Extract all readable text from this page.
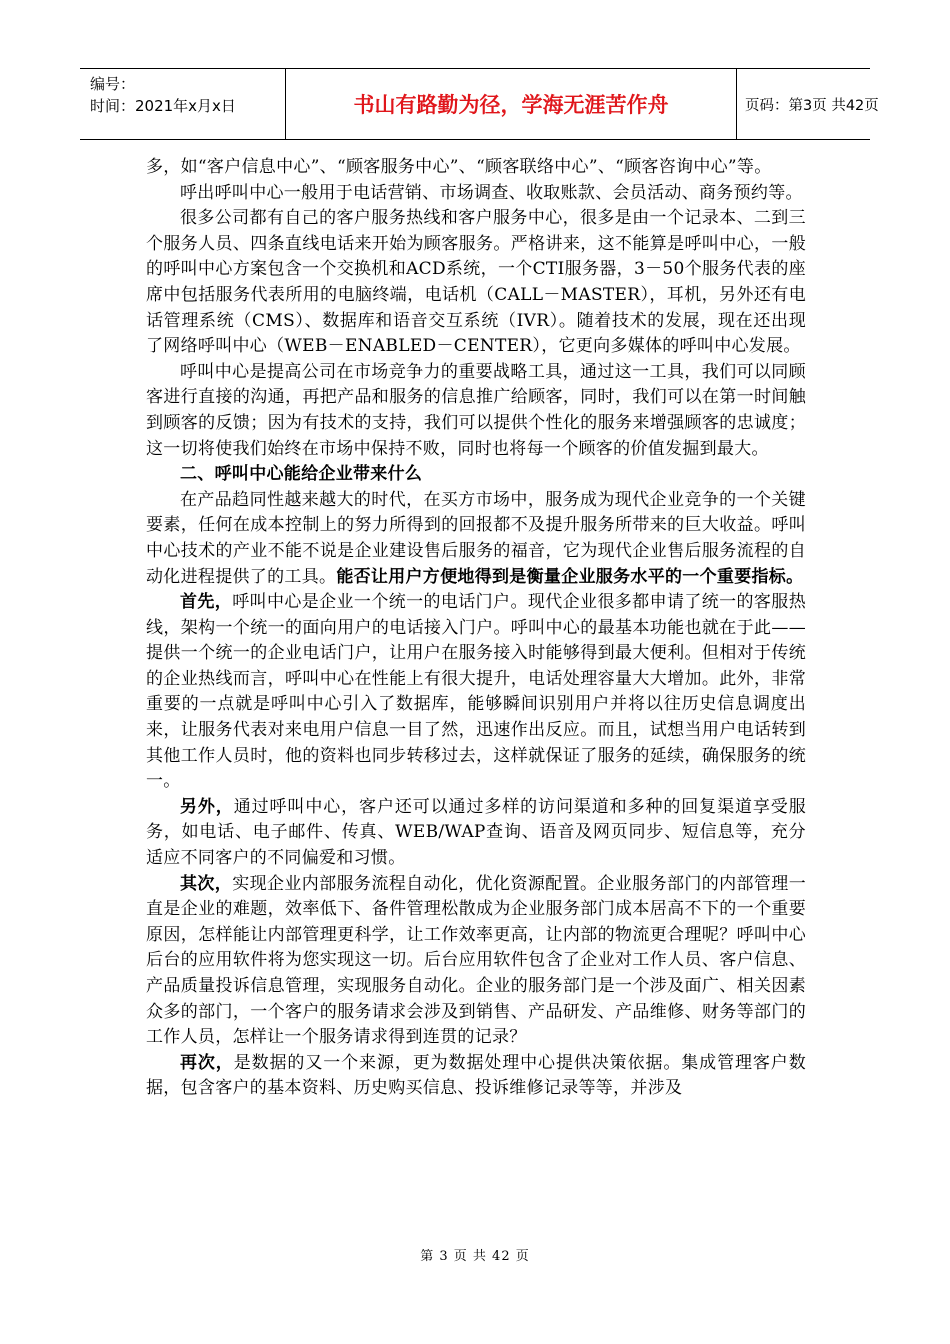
编号：
时间：2021年x月x日	书山有路勤为径，学海无涯苦作舟	页码：第3页 共42页

多，如“客户信息中心”、“顾客服务中心”、“顾客联络中心”、“顾客咨询中心”等。

呼出呼叫中心一般用于电话营销、市场调查、收取账款、会员活动、商务预约等。

很多公司都有自己的客户服务热线和客户服务中心，很多是由一个记录本、二到三个服务人员、四条直线电话来开始为顾客服务。严格讲来，这不能算是呼叫中心，一般的呼叫中心方案包含一个交换机和ACD系统，一个CTI服务器，3－50个服务代表的座席中包括服务代表所用的电脑终端，电话机（CALL－MASTER），耳机，另外还有电话管理系统（CMS）、数据库和语音交互系统（IVR）。随着技术的发展，现在还出现了网络呼叫中心（WEB－ENABLED－CENTER），它更向多媒体的呼叫中心发展。

呼叫中心是提高公司在市场竞争力的重要战略工具，通过这一工具，我们可以同顾客进行直接的沟通，再把产品和服务的信息推广给顾客，同时，我们可以在第一时间触到顾客的反馈；因为有技术的支持，我们可以提供个性化的服务来增强顾客的忠诚度；这一切将使我们始终在市场中保持不败，同时也将每一个顾客的价值发掘到最大。

二、呼叫中心能给企业带来什么

在产品趋同性越来越大的时代，在买方市场中，服务成为现代企业竞争的一个关键要素，任何在成本控制上的努力所得到的回报都不及提升服务所带来的巨大收益。呼叫中心技术的产业不能不说是企业建设售后服务的福音，它为现代企业售后服务流程的自动化进程提供了的工具。能否让用户方便地得到是衡量企业服务水平的一个重要指标。

首先，呼叫中心是企业一个统一的电话门户。现代企业很多都申请了统一的客服热线，架构一个统一的面向用户的电话接入门户。呼叫中心的最基本功能也就在于此——提供一个统一的企业电话门户，让用户在服务接入时能够得到最大便利。但相对于传统的企业热线而言，呼叫中心在性能上有很大提升，电话处理容量大大增加。此外，非常重要的一点就是呼叫中心引入了数据库，能够瞬间识别用户并将以往历史信息调度出来，让服务代表对来电用户信息一目了然，迅速作出反应。而且，试想当用户电话转到其他工作人员时，他的资料也同步转移过去，这样就保证了服务的延续，确保服务的统一。

另外，通过呼叫中心，客户还可以通过多样的访问渠道和多种的回复渠道享受服务，如电话、电子邮件、传真、WEB/WAP查询、语音及网页同步、短信息等，充分适应不同客户的不同偏爱和习惯。

其次，实现企业内部服务流程自动化，优化资源配置。企业服务部门的内部管理一直是企业的难题，效率低下、备件管理松散成为企业服务部门成本居高不下的一个重要原因，怎样能让内部管理更科学，让工作效率更高，让内部的物流更合理呢？呼叫中心后台的应用软件将为您实现这一切。后台应用软件包含了企业对工作人员、客户信息、产品质量投诉信息管理，实现服务自动化。企业的服务部门是一个涉及面广、相关因素众多的部门，一个客户的服务请求会涉及到销售、产品研发、产品维修、财务等部门的工作人员，怎样让一个服务请求得到连贯的记录？

再次，是数据的又一个来源，更为数据处理中心提供决策依据。集成管理客户数据，包含客户的基本资料、历史购买信息、投诉维修记录等等，并涉及

第 3 页 共 42 页
